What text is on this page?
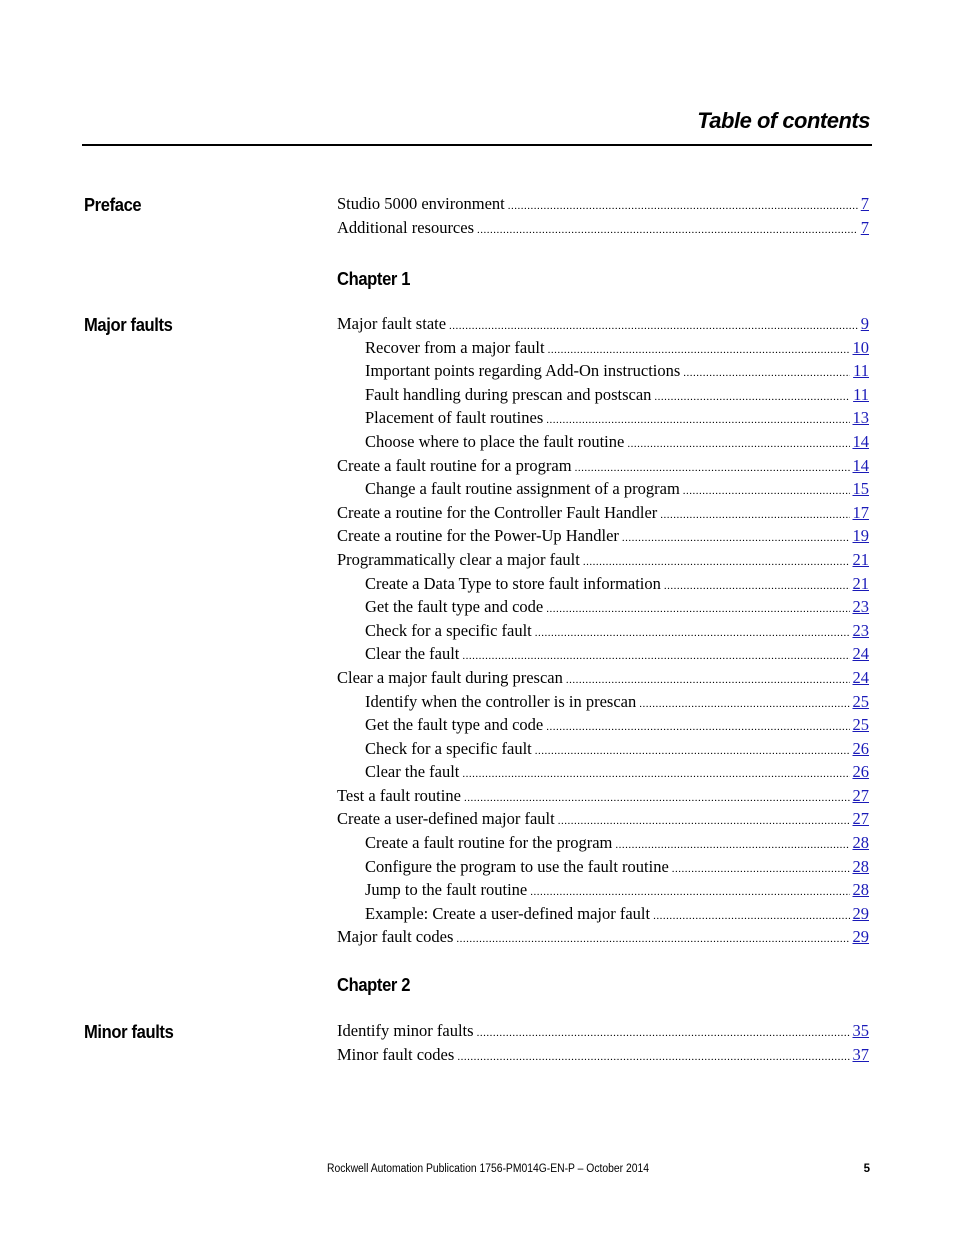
Table of contents
Preface	Studio 5000 environment .....	7
Additional resources .....	7
Chapter 1
Major faults	Major fault state .....	9
Recover from a major fault .....	10
Important points regarding Add-On instructions .....	11
Fault handling during prescan and postscan .....	11
Placement of fault routines .....	13
Choose where to place the fault routine .....	14
Create a fault routine for a program .....	14
Change a fault routine assignment of a program .....	15
Create a routine for the Controller Fault Handler .....	17
Create a routine for the Power-Up Handler .....	19
Programmatically clear a major fault .....	21
Create a Data Type to store fault information .....	21
Get the fault type and code .....	23
Check for a specific fault .....	23
Clear the fault .....	24
Clear a major fault during prescan .....	24
Identify when the controller is in prescan .....	25
Get the fault type and code .....	25
Check for a specific fault .....	26
Clear the fault .....	26
Test a fault routine .....	27
Create a user-defined major fault .....	27
Create a fault routine for the program .....	28
Configure the program to use the fault routine .....	28
Jump to the fault routine .....	28
Example: Create a user-defined major fault .....	29
Major fault codes .....	29
Chapter 2
Minor faults	Identify minor faults .....	35
Minor fault codes .....	37
Rockwell Automation Publication 1756-PM014G-EN-P – October 2014	5
